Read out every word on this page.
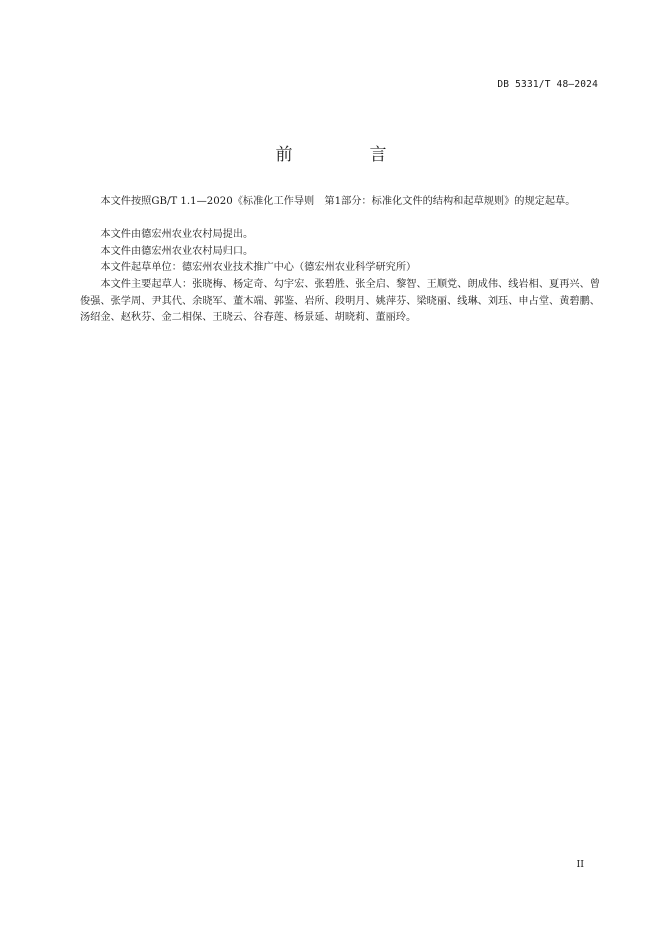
DB 5331/T 48—2024
前　言

本文件按照GB/T 1.1—2020《标准化工作导则　第1部分：标准化文件的结构和起草规则》的规定起草。

本文件由德宏州农业农村局提出。

本文件由德宏州农业农村局归口。

本文件起草单位：德宏州农业技术推广中心（德宏州农业科学研究所）

本文件主要起草人：张晓梅、杨定奇、勾宇宏、张碧胜、张全启、黎智、王顺党、朗成伟、线岩相、夏再兴、曾俊强、张学周、尹其代、余晓军、董木端、郭鉴、岩所、段明月、姚萍芬、梁晓丽、线琳、刘珏、申占堂、黄碧鹏、汤绍金、赵秋芬、金二相保、王晓云、谷春莲、杨景延、胡晓莉、董丽玲。

II
